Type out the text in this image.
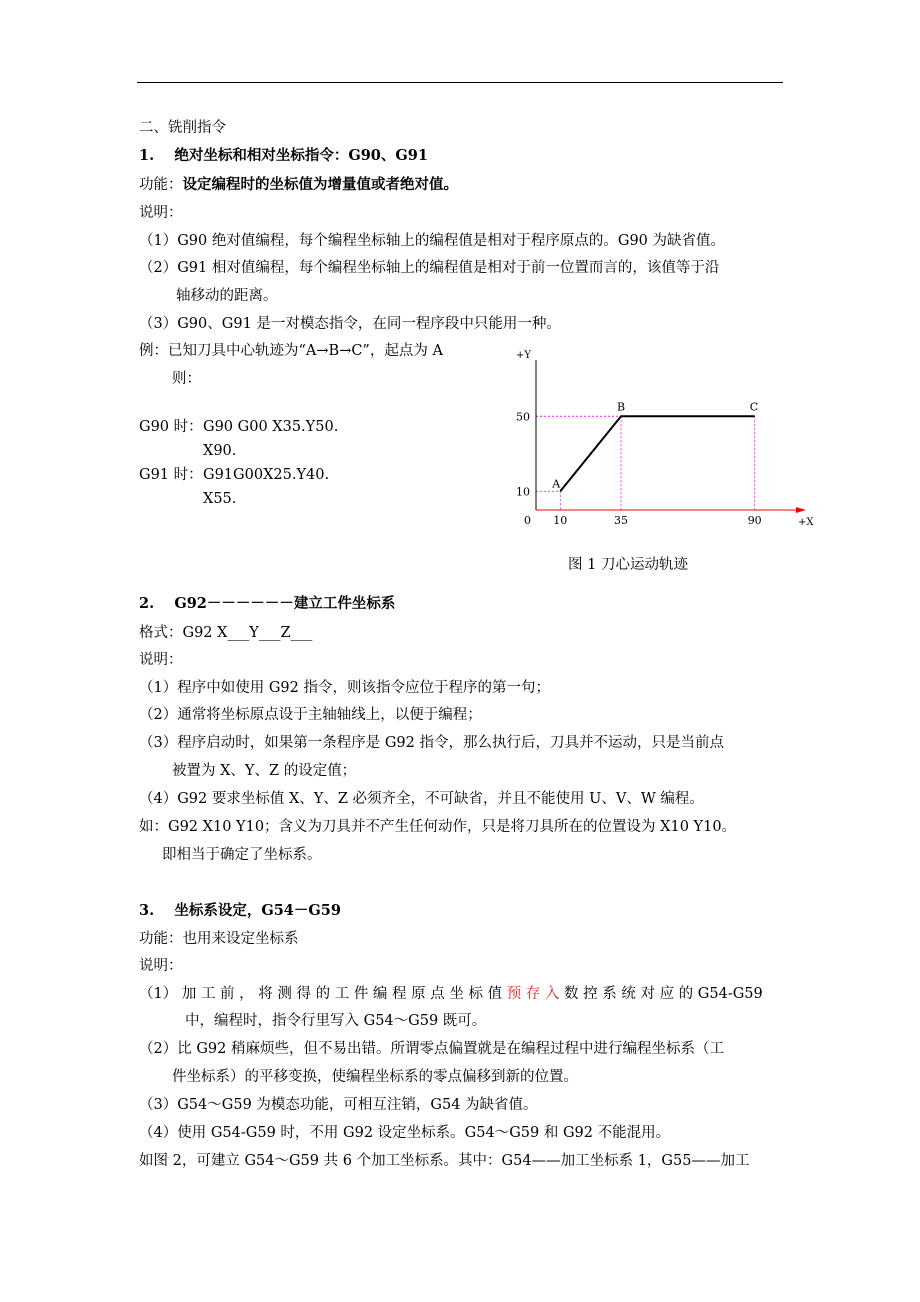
二、铣削指令
1.    绝对坐标和相对坐标指令：G90、G91
功能：设定编程时的坐标值为增量值或者绝对值。
说明：
（1）G90 绝对值编程，每个编程坐标轴上的编程值是相对于程序原点的。G90 为缺省值。
（2）G91 相对值编程，每个编程坐标轴上的编程值是相对于前一位置而言的，该值等于沿
轴移动的距离。
（3）G90、G91 是一对模态指令，在同一程序段中只能用一种。
例：已知刀具中心轨迹为“A→B→C”，起点为 A
则：
G90 时： G90 G00 X35.Y50.
X90.
G91 时： G91G00X25.Y40.
X55.
+Y
+X
0 10	35	90
10
50
A
B	C
图 1 刀心运动轨迹
2.    G92－－－－－－建立工件坐标系
格式：G92 X___Y___Z___
说明：
（1）程序中如使用 G92 指令，则该指令应位于程序的第一句；
（2）通常将坐标原点设于主轴轴线上，以便于编程；
（3）程序启动时，如果第一条程序是 G92 指令，那么执行后，刀具并不运动，只是当前点
被置为 X、Y、Z 的设定值；
（4）G92 要求坐标值 X、Y、Z 必须齐全，不可缺省，并且不能使用 U、V、W 编程。
如：G92 X10 Y10；含义为刀具并不产生任何动作，只是将刀具所在的位置设为 X10 Y10。
即相当于确定了坐标系。
3.    坐标系设定，G54－G59
功能：也用来设定坐标系
说明：
（1） 加 工 前 ， 将 测 得 的 工 件 编 程 原 点 坐 标 值 预 存 入 数 控 系 统 对 应 的 G54-G59
中，编程时，指令行里写入 G54～G59 既可。
（2）比 G92 稍麻烦些，但不易出错。所谓零点偏置就是在编程过程中进行编程坐标系（工
件坐标系）的平移变换，使编程坐标系的零点偏移到新的位置。
（3）G54～G59 为模态功能，可相互注销，G54 为缺省值。
（4）使用 G54-G59 时，不用 G92 设定坐标系。G54～G59 和 G92 不能混用。
如图 2，可建立 G54～G59 共 6 个加工坐标系。其中：G54——加工坐标系 1，G55——加工
